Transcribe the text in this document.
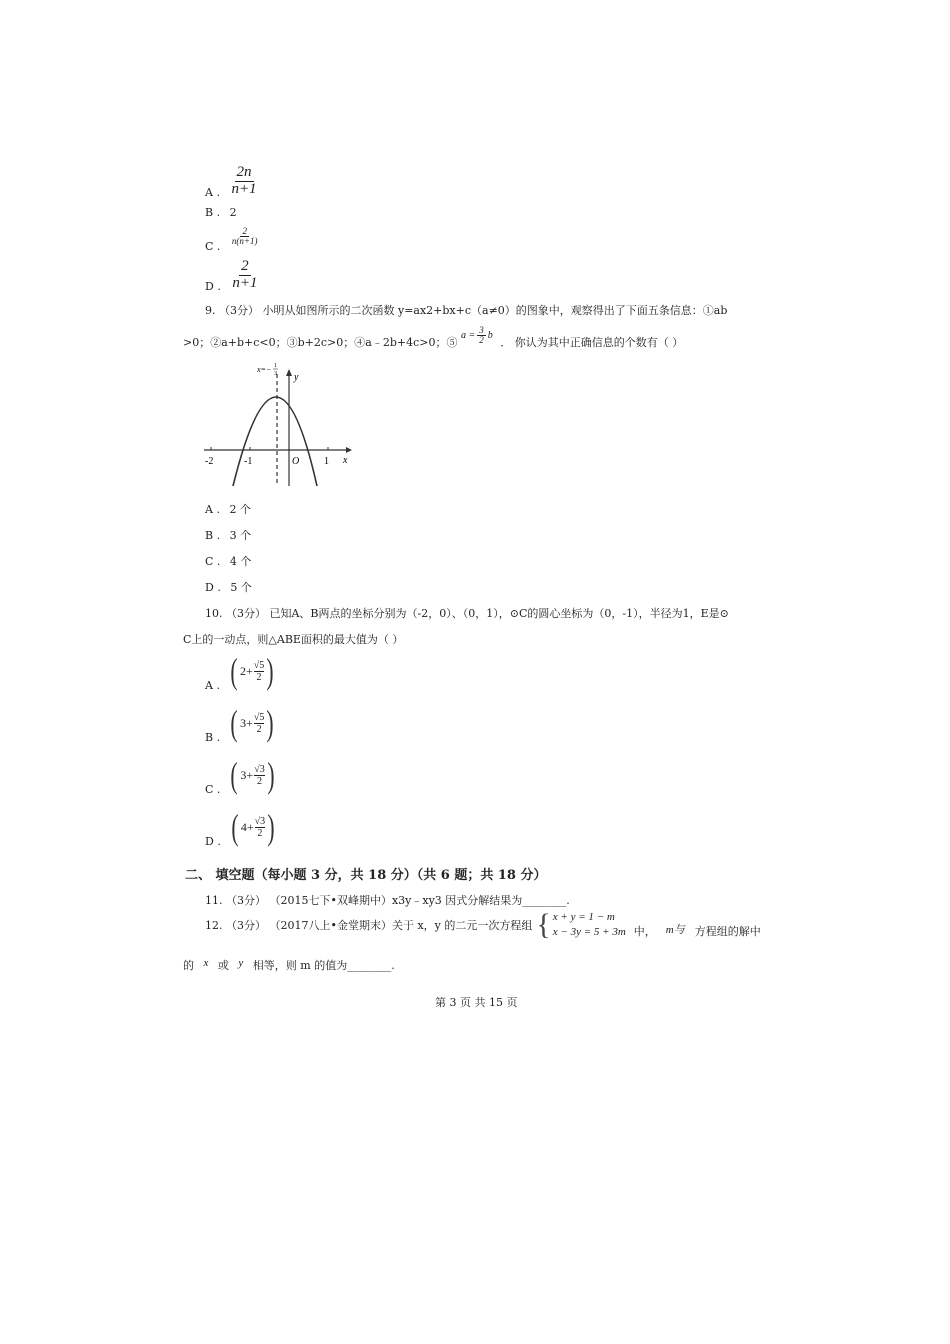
A . $\frac{2n}{n+1}$
B . 2
C . $\frac{2}{n(n+1)}$
D . $\frac{2}{n+1}$
9. （3分） 小明从如图所示的二次函数 y=ax2+bx+c（a≠0）的图象中，观察得出了下面五条信息：①ab
>0；②a+b+c<0；③b+2c>0；④a﹣2b+4c>0；⑤
$a = \frac{3}{2}$ b
． 你认为其中正确信息的个数有（ ）
x=− 1
3 y
x
O
-2	-1	1
A . 2 个
B . 3 个
C . 4 个
D . 5 个
10. （3分） 已知A、B两点的坐标分别为（-2，0）、（0，1），⊙C的圆心坐标为（0，-1），半径为1，E是⊙
C上的一动点，则△ABE面积的最大值为（ ）
A . ( $2+ \frac{√5}{2}$ )
B . ( $3+ \frac{√5}{2}$ )
C . ( $3+ \frac{√3}{2}$ )
D . ( $4+ \frac{√3}{2}$ )
二、 填空题（每小题 3 分，共 18 分）（共 6 题；共 18 分）
11. （3分） （2015七下•双峰期中）x3y﹣xy3 因式分解结果为________.
12. （3分） （2017八上•金堂期末）关于 x，y 的二元一次方程组 { x + y = 1 − m
x − 3y = 5 + 3m 中， m与 方程组的解中
的 x 或 y 相等，则 m 的值为________.
第 3 页 共 15 页
